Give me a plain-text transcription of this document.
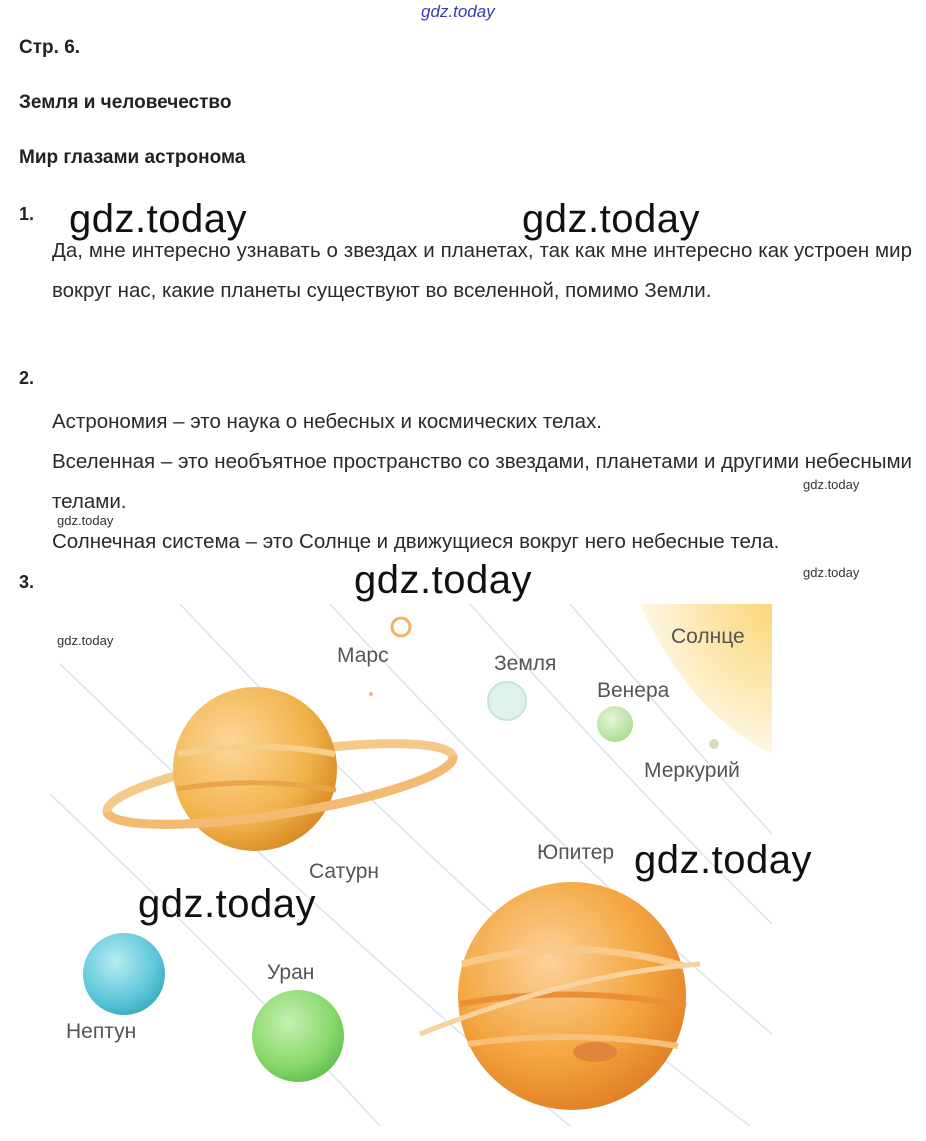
gdz.today
Стр. 6.
Земля и человечество
Мир глазами астронома
1.
Да, мне интересно узнавать о звездах и планетах, так как мне интересно как устроен мир вокруг нас, какие планеты существуют во вселенной, помимо Земли.
2.
Астрономия – это наука о небесных и космических телах.
Вселенная – это необъятное пространство со звездами, планетами и другими небесными телами.
Солнечная система – это Солнце и движущиеся вокруг него небесные тела.
3.
Солнце
Марс	Земля
Венера
Меркурий
Сатурн
Юпитер
Уран
Нептун
gdz.today	gdz.today
gdz.today
gdz.today
gdz.today
gdz.today
gdz.today
gdz.today
gdz.today
